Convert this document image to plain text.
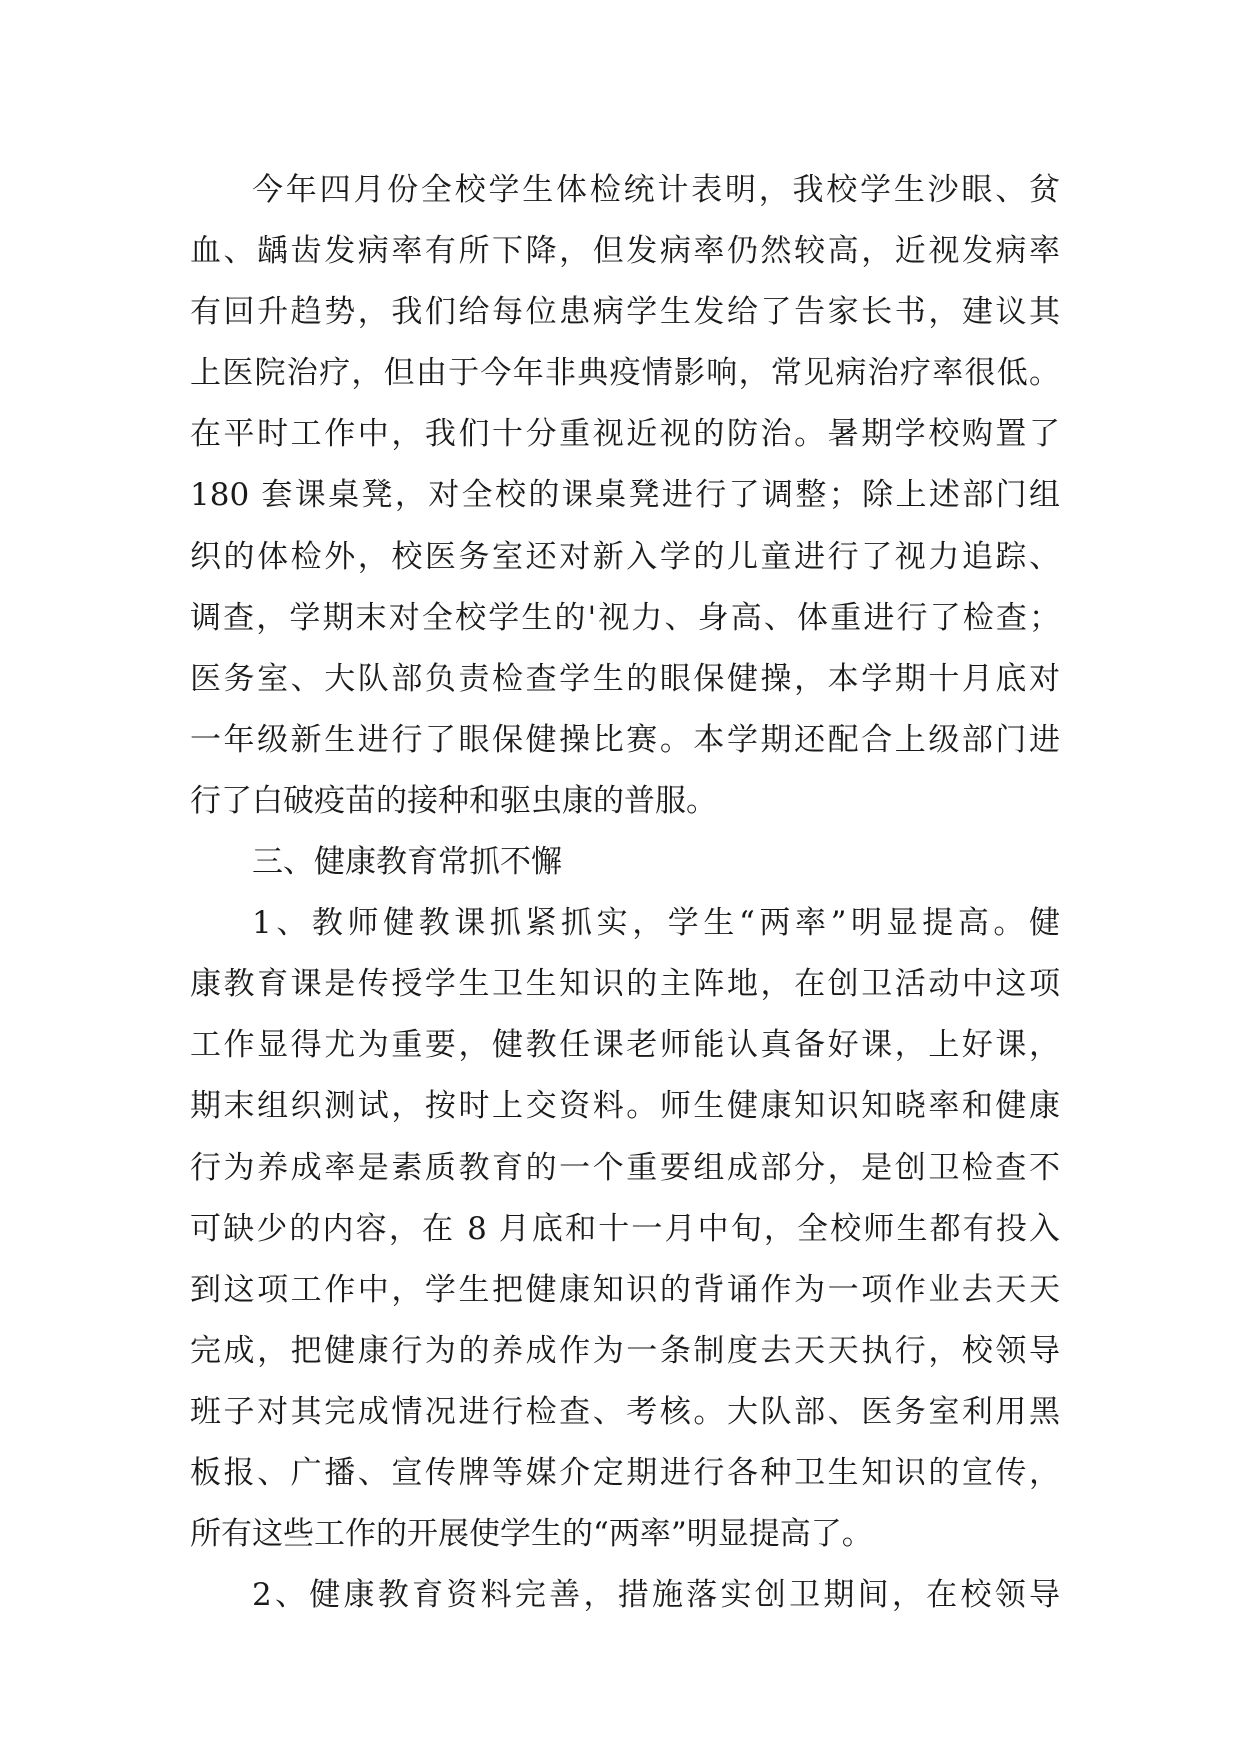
今年四月份全校学生体检统计表明，我校学生沙眼、贫
血、龋齿发病率有所下降，但发病率仍然较高，近视发病率
有回升趋势，我们给每位患病学生发给了告家长书，建议其
上医院治疗，但由于今年非典疫情影响，常见病治疗率很低。
在平时工作中，我们十分重视近视的防治。暑期学校购置了
180 套课桌凳，对全校的课桌凳进行了调整；除上述部门组
织的体检外，校医务室还对新入学的儿童进行了视力追踪、
调查，学期末对全校学生的'视力、身高、体重进行了检查；
医务室、大队部负责检查学生的眼保健操，本学期十月底对
一年级新生进行了眼保健操比赛。本学期还配合上级部门进
行了白破疫苗的接种和驱虫康的普服。
三、健康教育常抓不懈
1、教师健教课抓紧抓实，学生“两率”明显提高。健
康教育课是传授学生卫生知识的主阵地，在创卫活动中这项
工作显得尤为重要，健教任课老师能认真备好课，上好课，
期末组织测试，按时上交资料。师生健康知识知晓率和健康
行为养成率是素质教育的一个重要组成部分，是创卫检查不
可缺少的内容，在 8 月底和十一月中旬，全校师生都有投入
到这项工作中，学生把健康知识的背诵作为一项作业去天天
完成，把健康行为的养成作为一条制度去天天执行，校领导
班子对其完成情况进行检查、考核。大队部、医务室利用黑
板报、广播、宣传牌等媒介定期进行各种卫生知识的宣传，
所有这些工作的开展使学生的“两率”明显提高了。
2、健康教育资料完善，措施落实创卫期间，在校领导
